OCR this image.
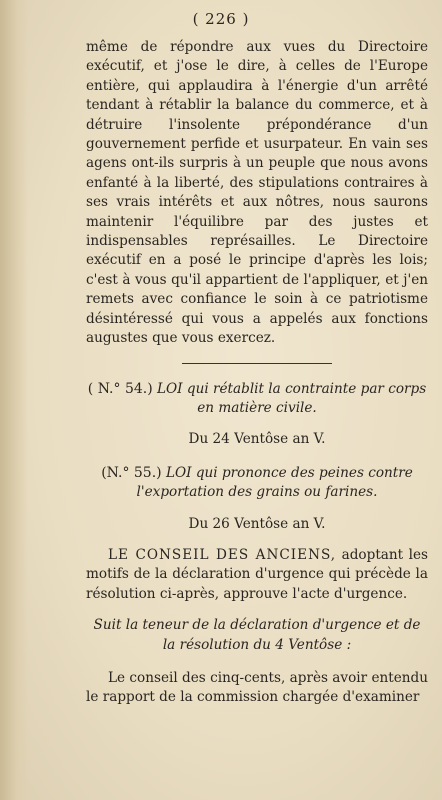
( 226 )

même de répondre aux vues du Directoire exécutif, et j'ose le dire, à celles de l'Europe entière, qui applaudira à l'énergie d'un arrêté tendant à rétablir la balance du commerce, et à détruire l'insolente prépondérance d'un gouvernement perfide et usurpateur. En vain ses agens ont-ils surpris à un peuple que nous avons enfanté à la liberté, des stipulations contraires à ses vrais intérêts et aux nôtres, nous saurons maintenir l'équilibre par des justes et indispensables représailles. Le Directoire exécutif en a posé le principe d'après les lois; c'est à vous qu'il appartient de l'appliquer, et j'en remets avec confiance le soin à ce patriotisme désintéressé qui vous a appelés aux fonctions augustes que vous exercez.

( N.° 54.) LOI qui rétablit la contrainte par corps en matière civile.
Du 24 Ventôse an V.
(N.° 55.) LOI qui prononce des peines contre l'exportation des grains ou farines.
Du 26 Ventôse an V.

LE CONSEIL DES ANCIENS, adoptant les motifs de la déclaration d'urgence qui précède la résolution ci-après, approuve l'acte d'urgence.

Suit la teneur de la déclaration d'urgence et de la résolution du 4 Ventôse :

Le conseil des cinq-cents, après avoir entendu le rapport de la commission chargée d'examiner
